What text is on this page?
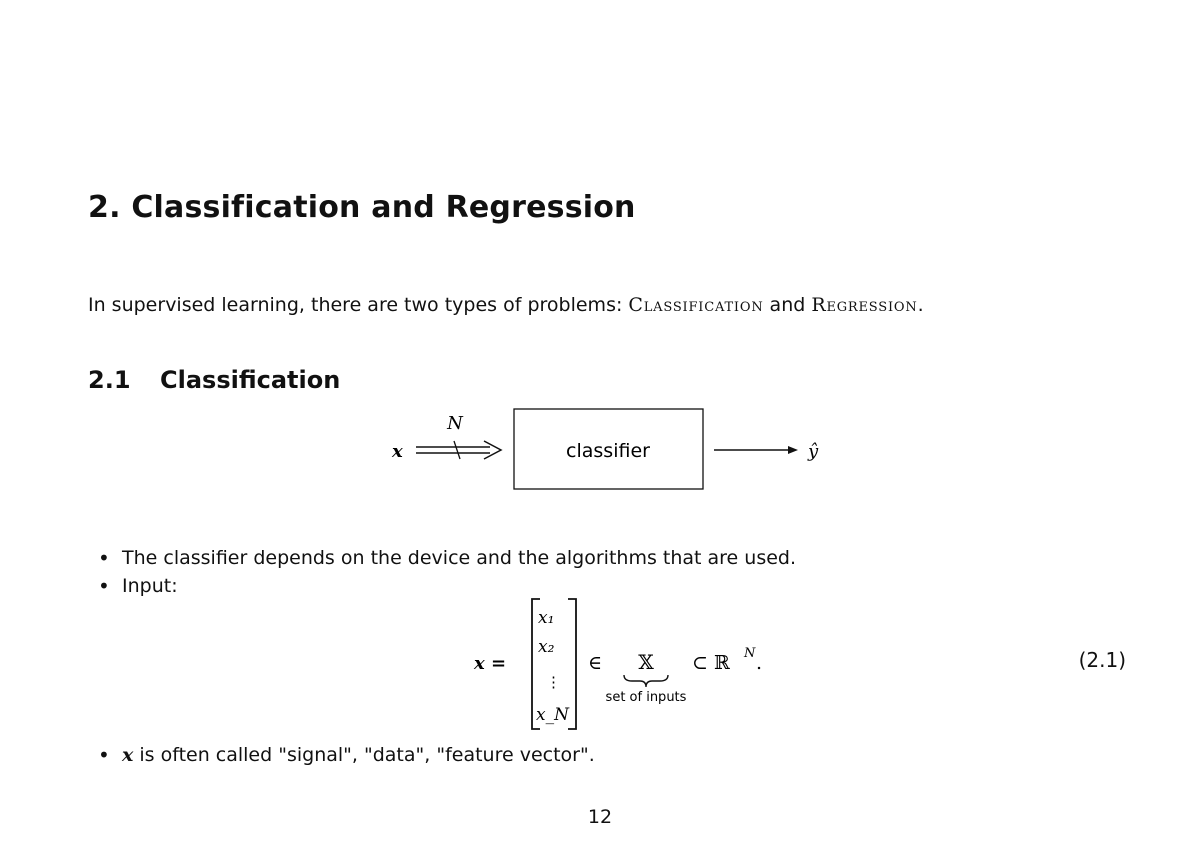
2. Classification and Regression
In supervised learning, there are two types of problems: Classification and Regression.
2.1 Classification
x
N
classifier	ŷ
• The classifier depends on the device and the algorithms that are used.
• Input:
x =
x₁
x₂
⋮
x_N
∈ 𝕏
set of inputs
⊂ ℝ N .	(2.1)
• x is often called "signal", "data", "feature vector".
12
